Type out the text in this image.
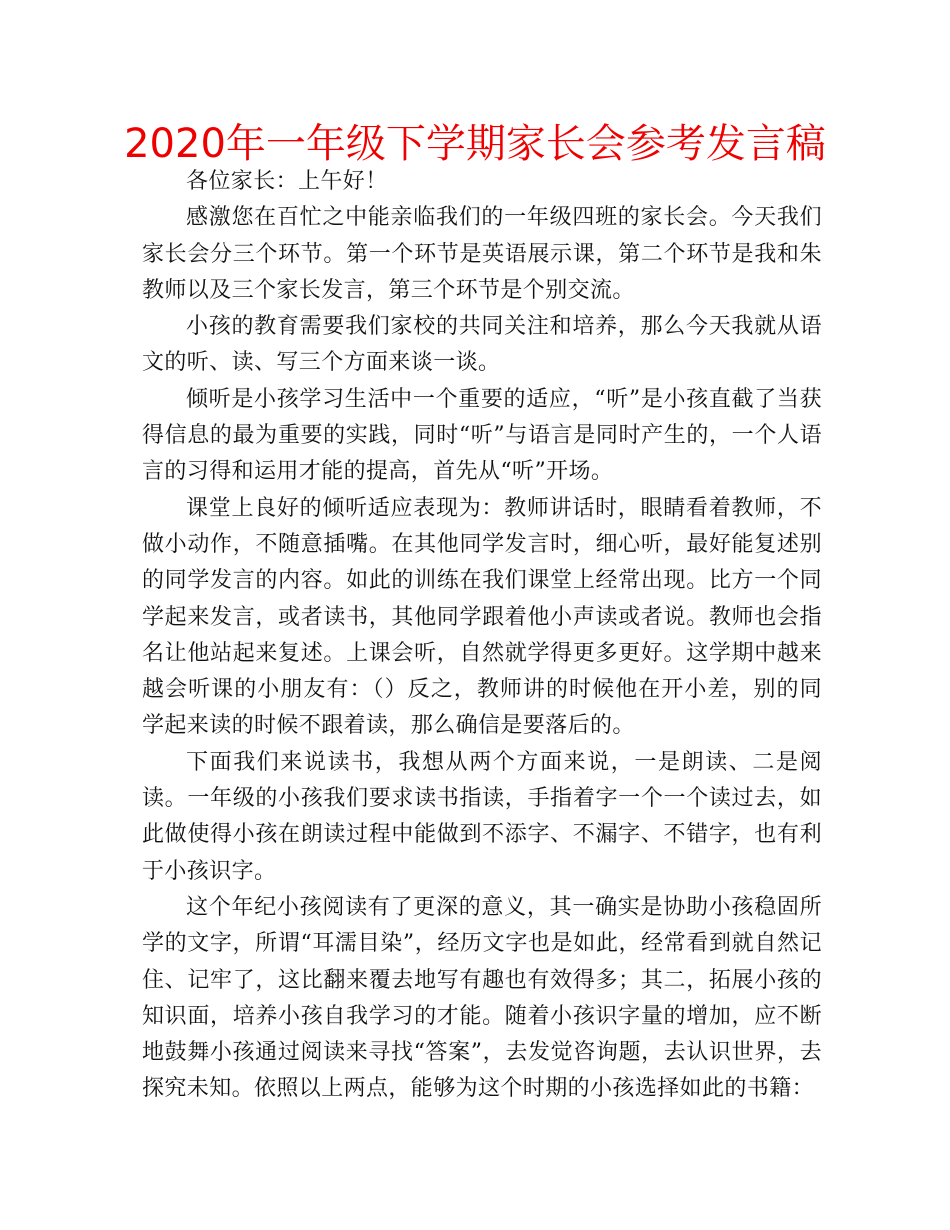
2020年一年级下学期家长会参考发言稿

各位家长：上午好！

感激您在百忙之中能亲临我们的一年级四班的家长会。今天我们家长会分三个环节。第一个环节是英语展示课，第二个环节是我和朱教师以及三个家长发言，第三个环节是个别交流。

小孩的教育需要我们家校的共同关注和培养，那么今天我就从语文的听、读、写三个方面来谈一谈。

倾听是小孩学习生活中一个重要的适应，“听”是小孩直截了当获得信息的最为重要的实践，同时“听”与语言是同时产生的，一个人语言的习得和运用才能的提高，首先从“听”开场。

课堂上良好的倾听适应表现为：教师讲话时，眼睛看着教师，不做小动作，不随意插嘴。在其他同学发言时，细心听，最好能复述别的同学发言的内容。如此的训练在我们课堂上经常出现。比方一个同学起来发言，或者读书，其他同学跟着他小声读或者说。教师也会指名让他站起来复述。上课会听，自然就学得更多更好。这学期中越来越会听课的小朋友有：（）反之，教师讲的时候他在开小差，别的同学起来读的时候不跟着读，那么确信是要落后的。

下面我们来说读书，我想从两个方面来说，一是朗读、二是阅读。一年级的小孩我们要求读书指读，手指着字一个一个读过去，如此做使得小孩在朗读过程中能做到不添字、不漏字、不错字，也有利于小孩识字。

这个年纪小孩阅读有了更深的意义，其一确实是协助小孩稳固所学的文字，所谓“耳濡目染”，经历文字也是如此，经常看到就自然记住、记牢了，这比翻来覆去地写有趣也有效得多；其二，拓展小孩的知识面，培养小孩自我学习的才能。随着小孩识字量的增加，应不断地鼓舞小孩通过阅读来寻找“答案”，去发觉咨询题，去认识世界，去探究未知。依照以上两点，能够为这个时期的小孩选择如此的书籍：
